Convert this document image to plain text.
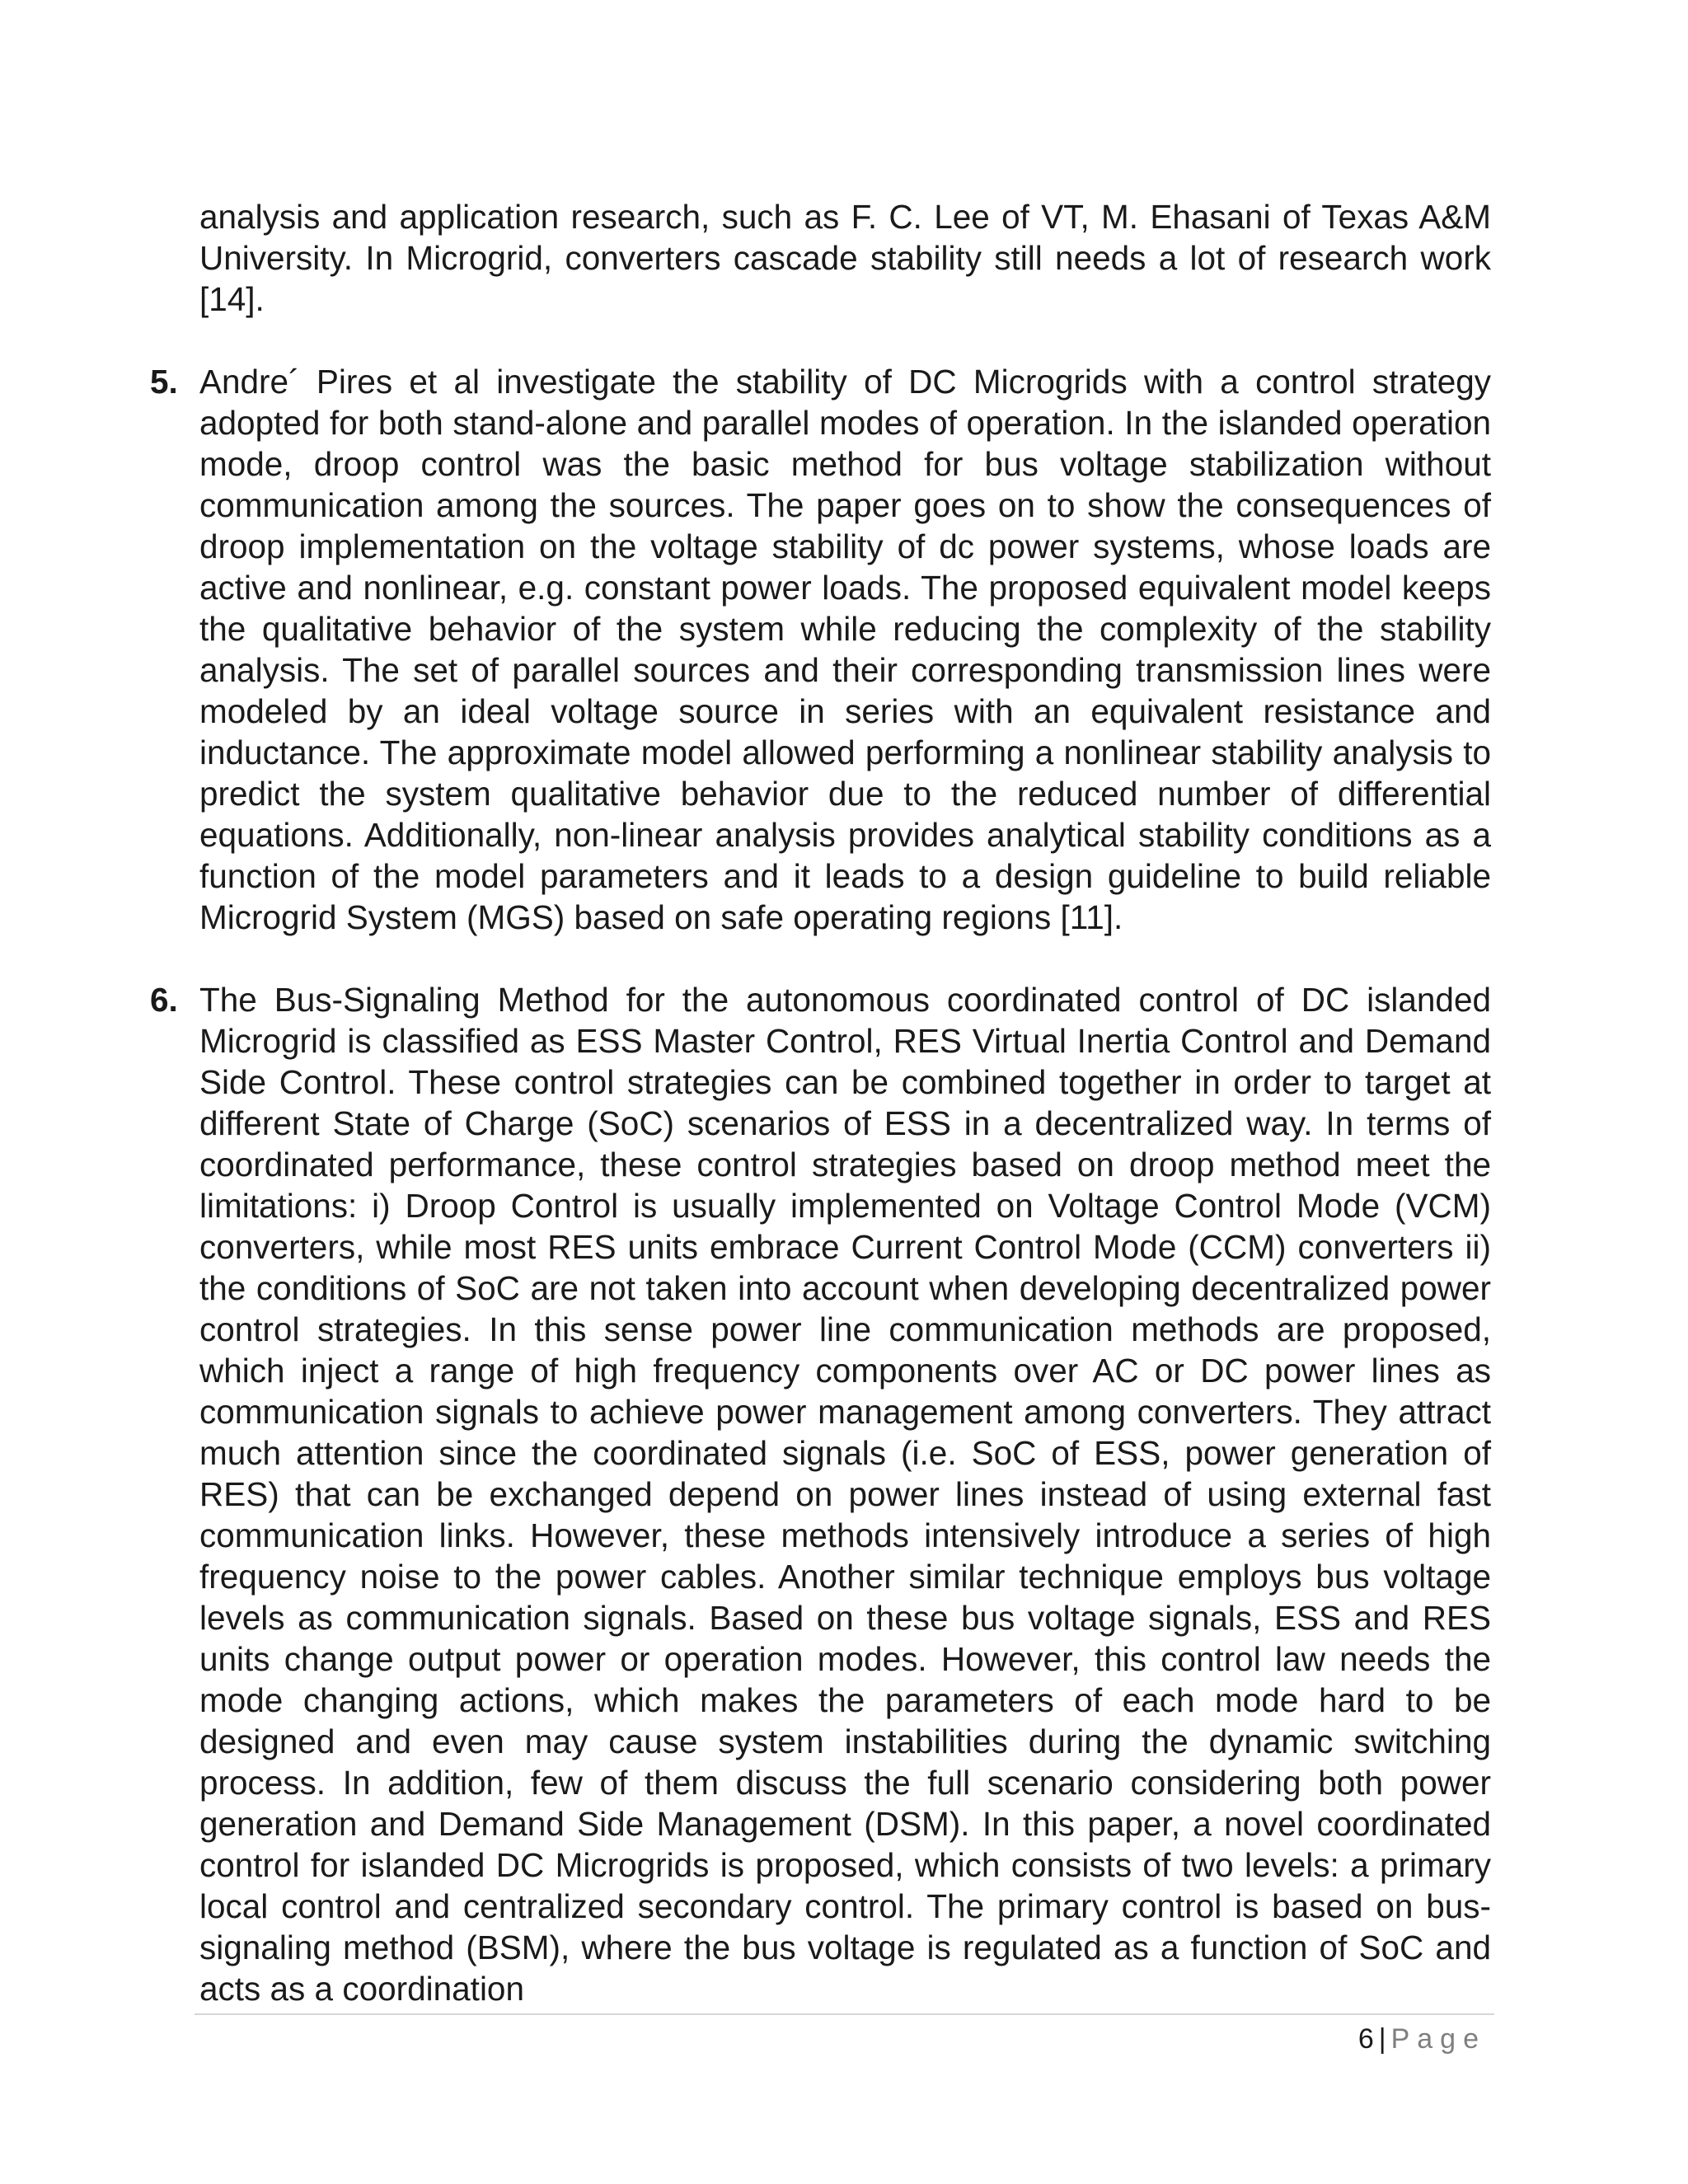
analysis and application research, such as F. C. Lee of VT, M. Ehasani of Texas A&M University. In Microgrid, converters cascade stability still needs a lot of research work [14].

5. Andre´ Pires et al investigate the stability of DC Microgrids with a control strategy adopted for both stand-alone and parallel modes of operation. In the islanded operation mode, droop control was the basic method for bus voltage stabilization without communication among the sources. The paper goes on to show the consequences of droop implementation on the voltage stability of dc power systems, whose loads are active and nonlinear, e.g. constant power loads. The proposed equivalent model keeps the qualitative behavior of the system while reducing the complexity of the stability analysis. The set of parallel sources and their corresponding transmission lines were modeled by an ideal voltage source in series with an equivalent resistance and inductance. The approximate model allowed performing a nonlinear stability analysis to predict the system qualitative behavior due to the reduced number of differential equations. Additionally, non-linear analysis provides analytical stability conditions as a function of the model parameters and it leads to a design guideline to build reliable Microgrid System (MGS) based on safe operating regions [11].

6. The Bus-Signaling Method for the autonomous coordinated control of DC islanded Microgrid is classified as ESS Master Control, RES Virtual Inertia Control and Demand Side Control. These control strategies can be combined together in order to target at different State of Charge (SoC) scenarios of ESS in a decentralized way. In terms of coordinated performance, these control strategies based on droop method meet the limitations: i) Droop Control is usually implemented on Voltage Control Mode (VCM) converters, while most RES units embrace Current Control Mode (CCM) converters ii) the conditions of SoC are not taken into account when developing decentralized power control strategies. In this sense power line communication methods are proposed, which inject a range of high frequency components over AC or DC power lines as communication signals to achieve power management among converters. They attract much attention since the coordinated signals (i.e. SoC of ESS, power generation of RES) that can be exchanged depend on power lines instead of using external fast communication links. However, these methods intensively introduce a series of high frequency noise to the power cables. Another similar technique employs bus voltage levels as communication signals. Based on these bus voltage signals, ESS and RES units change output power or operation modes. However, this control law needs the mode changing actions, which makes the parameters of each mode hard to be designed and even may cause system instabilities during the dynamic switching process. In addition, few of them discuss the full scenario considering both power generation and Demand Side Management (DSM). In this paper, a novel coordinated control for islanded DC Microgrids is proposed, which consists of two levels: a primary local control and centralized secondary control. The primary control is based on bus-signaling method (BSM), where the bus voltage is regulated as a function of SoC and acts as a coordination

6 | Page
